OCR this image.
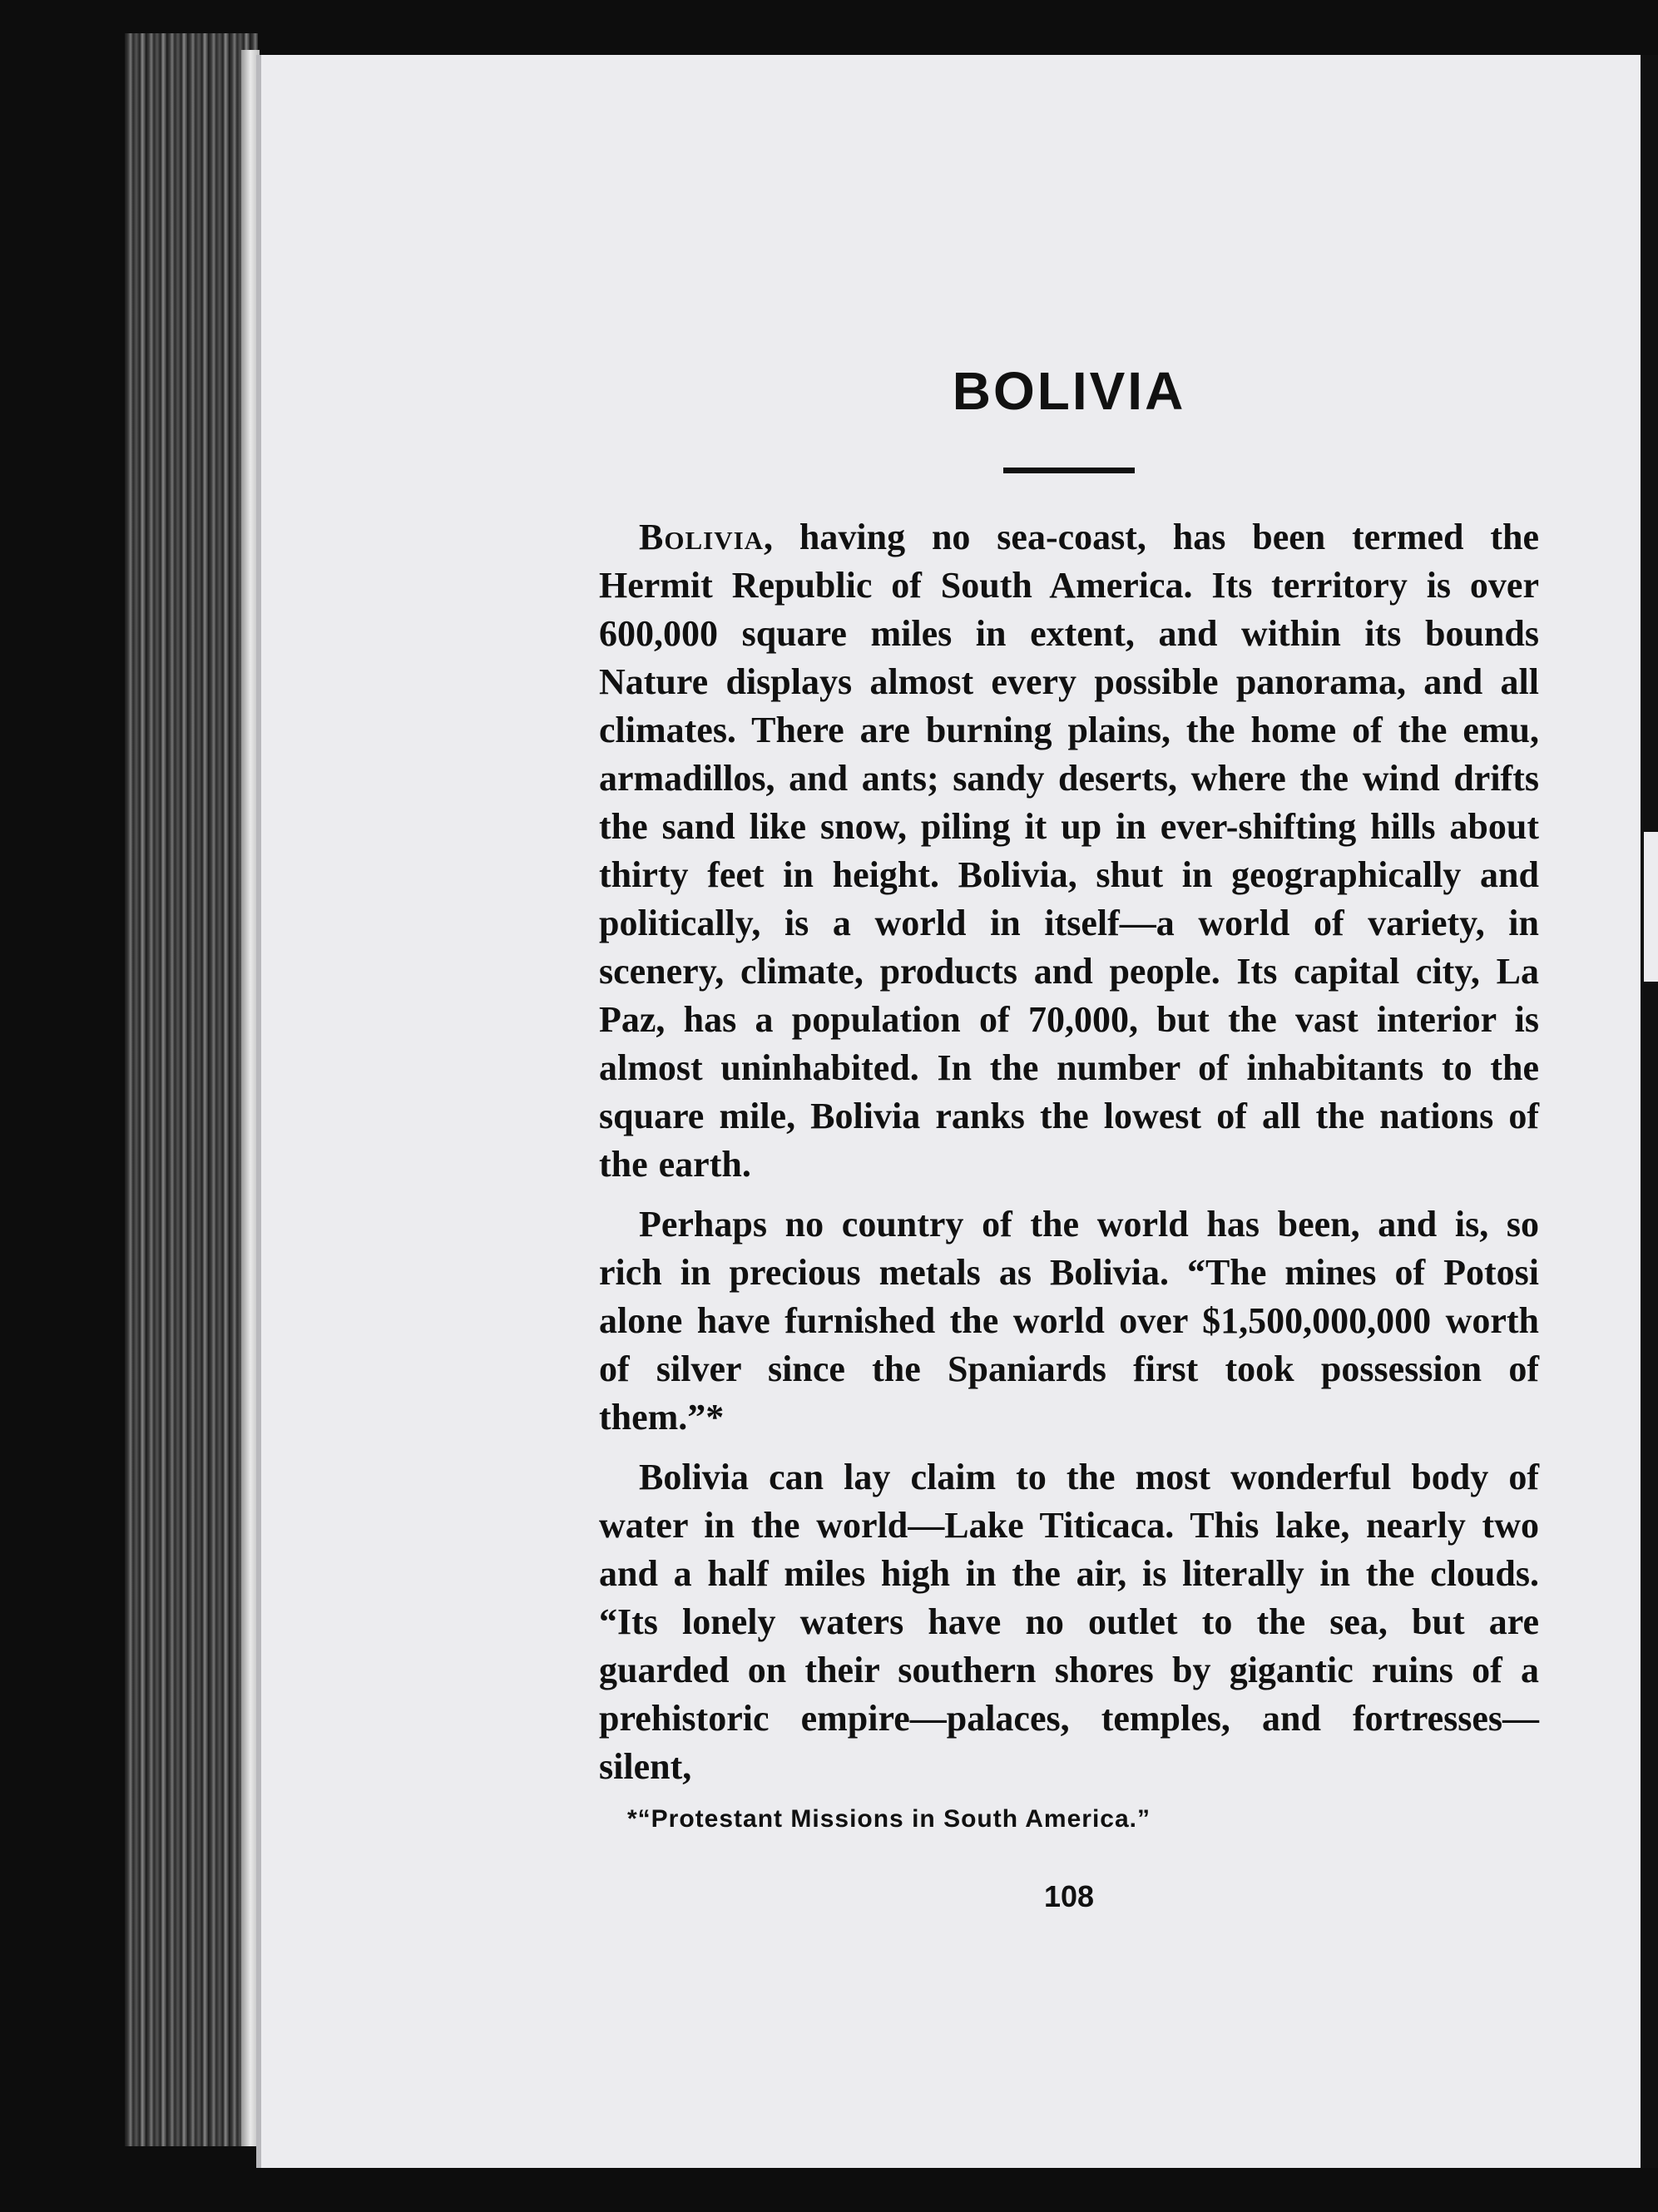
BOLIVIA

Bolivia, having no sea-coast, has been termed the Hermit Republic of South America. Its territory is over 600,000 square miles in extent, and within its bounds Nature displays almost every possible panorama, and all climates. There are burning plains, the home of the emu, armadillos, and ants; sandy deserts, where the wind drifts the sand like snow, piling it up in ever-shifting hills about thirty feet in height. Bolivia, shut in geographically and politically, is a world in itself—a world of variety, in scenery, climate, products and people. Its capital city, La Paz, has a population of 70,000, but the vast interior is almost uninhabited. In the number of inhabitants to the square mile, Bolivia ranks the lowest of all the nations of the earth.

Perhaps no country of the world has been, and is, so rich in precious metals as Bolivia. “The mines of Potosi alone have furnished the world over $1,500,000,000 worth of silver since the Spaniards first took possession of them.”*

Bolivia can lay claim to the most wonderful body of water in the world—Lake Titicaca. This lake, nearly two and a half miles high in the air, is literally in the clouds. “Its lonely waters have no outlet to the sea, but are guarded on their southern shores by gigantic ruins of a prehistoric empire—palaces, temples, and fortresses—silent,

*“Protestant Missions in South America.”
108
